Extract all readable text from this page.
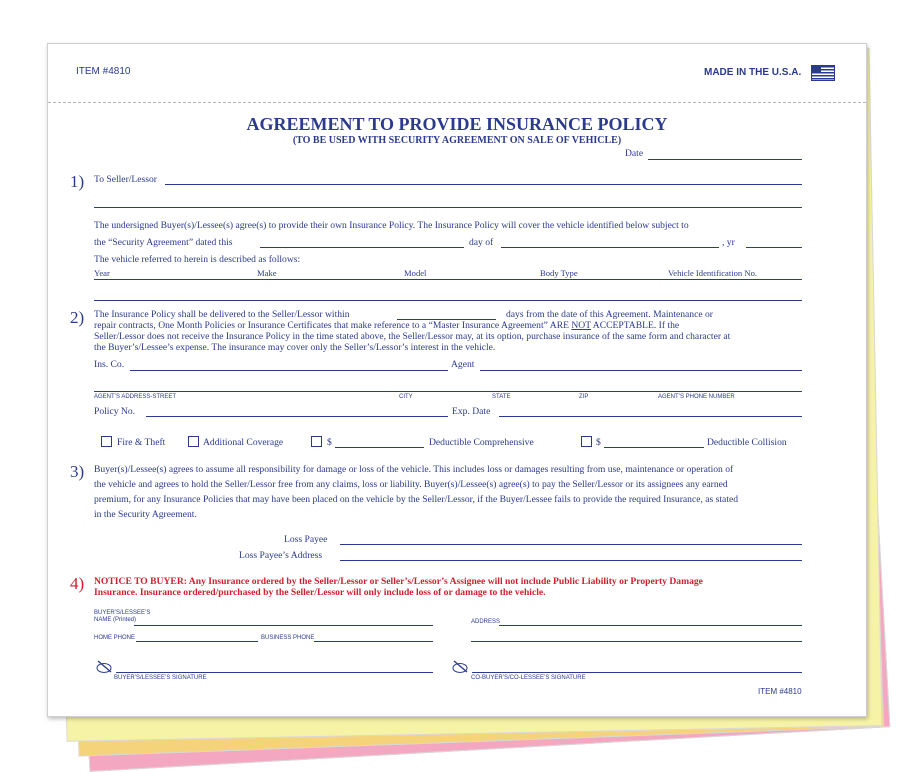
ITEM #4810	MADE IN THE U.S.A.
AGREEMENT TO PROVIDE INSURANCE POLICY
(TO BE USED WITH SECURITY AGREEMENT ON SALE OF VEHICLE)
Date
1) To Seller/Lessor
The undersigned Buyer(s)/Lessee(s) agree(s) to provide their own Insurance Policy. The Insurance Policy will cover the vehicle identified below subject to
the “Security Agreement” dated this	day of	, yr
The vehicle referred to herein is described as follows:
Year	Make	Model	Body Type	Vehicle Identification No.
2) The Insurance Policy shall be delivered to the Seller/Lessor within	days from the date of this Agreement. Maintenance or
repair contracts, One Month Policies or Insurance Certificates that make reference to a “Master Insurance Agreement” ARE NOT ACCEPTABLE. If the
Seller/Lessor does not receive the Insurance Policy in the time stated above, the Seller/Lessor may, at its option, purchase insurance of the same form and character at
the Buyer’s/Lessee’s expense. The insurance may cover only the Seller’s/Lessor’s interest in the vehicle.
Ins. Co.	Agent
AGENT’S ADDRESS-STREET	CITY	STATE	ZIP	AGENT’S PHONE NUMBER
Policy No.	Exp. Date
Fire & Theft	Additional Coverage	$	Deductible Comprehensive	$	Deductible Collision
3) Buyer(s)/Lessee(s) agrees to assume all responsibility for damage or loss of the vehicle. This includes loss or damages resulting from use, maintenance or operation of
the vehicle and agrees to hold the Seller/Lessor free from any claims, loss or liability. Buyer(s)/Lessee(s) agree(s) to pay the Seller/Lessor or its assignees any earned
premium, for any Insurance Policies that may have been placed on the vehicle by the Seller/Lessor, if the Buyer/Lessee fails to provide the required Insurance, as stated
in the Security Agreement.
Loss Payee
Loss Payee’s Address
4) NOTICE TO BUYER: Any Insurance ordered by the Seller/Lessor or Seller’s/Lessor’s Assignee will not include Public Liability or Property Damage
Insurance. Insurance ordered/purchased by the Seller/Lessor will only include loss of or damage to the vehicle.
BUYER’S/LESSEE’S
NAME (Printed)	ADDRESS
HOME PHONE	BUSINESS PHONE
BUYER’S/LESSEE’S SIGNATURE	CO-BUYER’S/CO-LESSEE’S SIGNATURE
ITEM #4810
